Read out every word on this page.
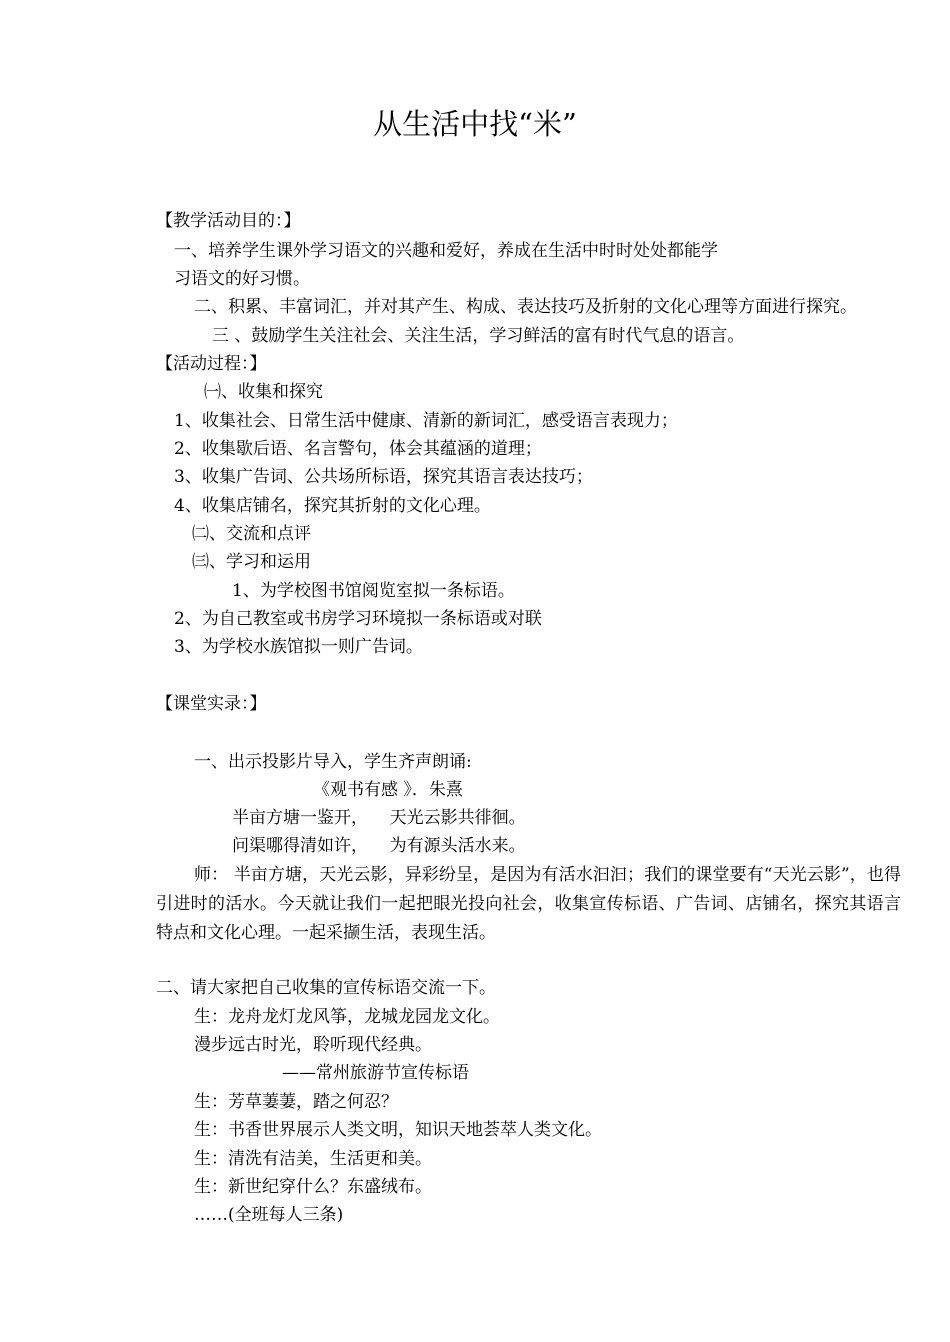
从生活中找“米”
【教学活动目的：】
一、培养学生课外学习语文的兴趣和爱好，养成在生活中时时处处都能学
习语文的好习惯。
二、积累、丰富词汇，并对其产生、构成、表达技巧及折射的文化心理等方面进行探究。
三 、鼓励学生关注社会、关注生活，学习鲜活的富有时代气息的语言。
【活动过程：】
㈠、收集和探究
1、收集社会、日常生活中健康、清新的新词汇，感受语言表现力；
2、收集歇后语、名言警句，体会其蕴涵的道理；
3、收集广告词、公共场所标语，探究其语言表达技巧；
4、收集店铺名，探究其折射的文化心理。
㈡、交流和点评
㈢、学习和运用
1、为学校图书馆阅览室拟一条标语。
2、为自己教室或书房学习环境拟一条标语或对联
3、为学校水族馆拟一则广告词。
【课堂实录：】
一、出示投影片导入，学生齐声朗诵:
《观书有感 》．朱熹
半亩方塘一鉴开，    天光云影共徘徊。
问渠哪得清如许，    为有源头活水来。
师： 半亩方塘，天光云影，异彩纷呈，是因为有活水汩汩；我们的课堂要有“天光云影”，也得引进时的活水。今天就让我们一起把眼光投向社会，收集宣传标语、广告词、店铺名，探究其语言特点和文化心理。一起采撷生活，表现生活。
二、请大家把自己收集的宣传标语交流一下。
生：龙舟龙灯龙风筝，龙城龙园龙文化。
漫步远古时光，聆听现代经典。
——常州旅游节宣传标语
生：芳草萋萋，踏之何忍？
生：书香世界展示人类文明，知识天地荟萃人类文化。
生：清洗有洁美，生活更和美。
生：新世纪穿什么？东盛绒布。
……(全班每人三条)
